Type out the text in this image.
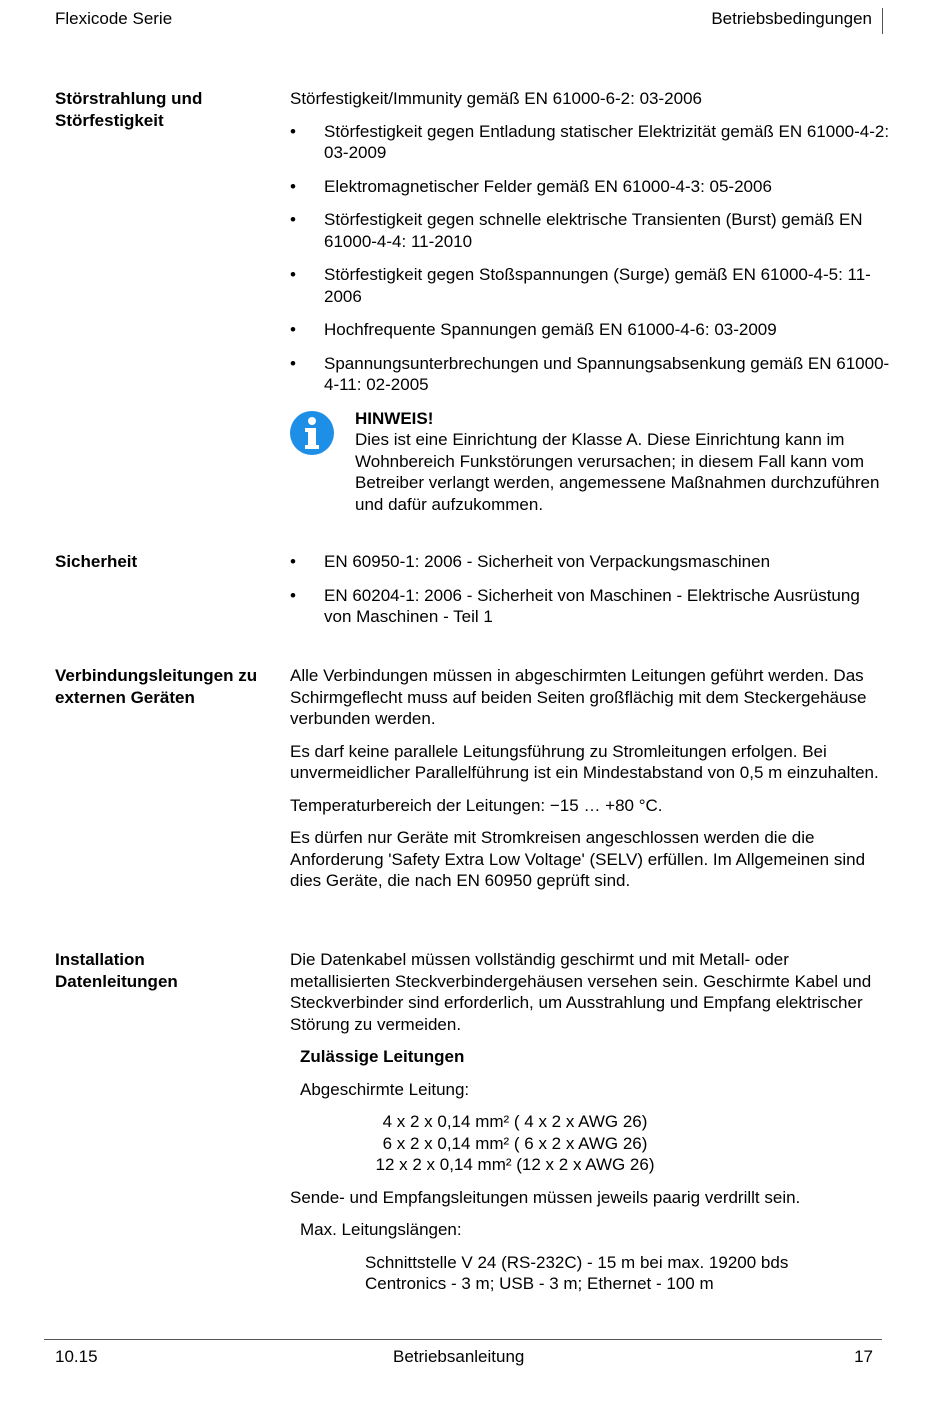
Flexicode Serie	Betriebsbedingungen
Störstrahlung und Störfestigkeit

Störfestigkeit/Immunity gemäß EN 61000-6-2: 03-2006

• Störfestigkeit gegen Entladung statischer Elektrizität gemäß EN 61000-4-2: 03-2009
• Elektromagnetischer Felder gemäß EN 61000-4-3: 05-2006
• Störfestigkeit gegen schnelle elektrische Transienten (Burst) gemäß EN 61000-4-4: 11-2010
• Störfestigkeit gegen Stoßspannungen (Surge) gemäß EN 61000-4-5: 11-2006
• Hochfrequente Spannungen gemäß EN 61000-4-6: 03-2009
• Spannungsunterbrechungen und Spannungsabsenkung gemäß EN 61000-4-11: 02-2005
HINWEIS!
Dies ist eine Einrichtung der Klasse A. Diese Einrichtung kann im Wohnbereich Funkstörungen verursachen; in diesem Fall kann vom Betreiber verlangt werden, angemessene Maßnahmen durchzuführen und dafür aufzukommen.
Sicherheit	• EN 60950-1: 2006 - Sicherheit von Verpackungsmaschinen
• EN 60204-1: 2006 - Sicherheit von Maschinen - Elektrische Ausrüstung von Maschinen - Teil 1
Verbindungsleitungen zu externen Geräten

Alle Verbindungen müssen in abgeschirmten Leitungen geführt werden. Das Schirmgeflecht muss auf beiden Seiten großflächig mit dem Steckergehäuse verbunden werden.

Es darf keine parallele Leitungsführung zu Stromleitungen erfolgen. Bei unvermeidlicher Parallelführung ist ein Mindestabstand von 0,5 m einzuhalten.

Temperaturbereich der Leitungen: −15 … +80 °C.

Es dürfen nur Geräte mit Stromkreisen angeschlossen werden die die Anforderung 'Safety Extra Low Voltage' (SELV) erfüllen. Im Allgemeinen sind dies Geräte, die nach EN 60950 geprüft sind.

Installation Datenleitungen

Die Datenkabel müssen vollständig geschirmt und mit Metall- oder metallisierten Steckverbindergehäusen versehen sein. Geschirmte Kabel und Steckverbinder sind erforderlich, um Ausstrahlung und Empfang elektrischer Störung zu vermeiden.

Zulässige Leitungen

Abgeschirmte Leitung:

4 x 2 x 0,14 mm² ( 4 x 2 x AWG 26)
6 x 2 x 0,14 mm² ( 6 x 2 x AWG 26)
12 x 2 x 0,14 mm² (12 x 2 x AWG 26)

Sende- und Empfangsleitungen müssen jeweils paarig verdrillt sein.

Max. Leitungslängen:

Schnittstelle V 24 (RS-232C) - 15 m bei max. 19200 bds
Centronics - 3 m; USB - 3 m; Ethernet - 100 m
10.15	Betriebsanleitung	17
